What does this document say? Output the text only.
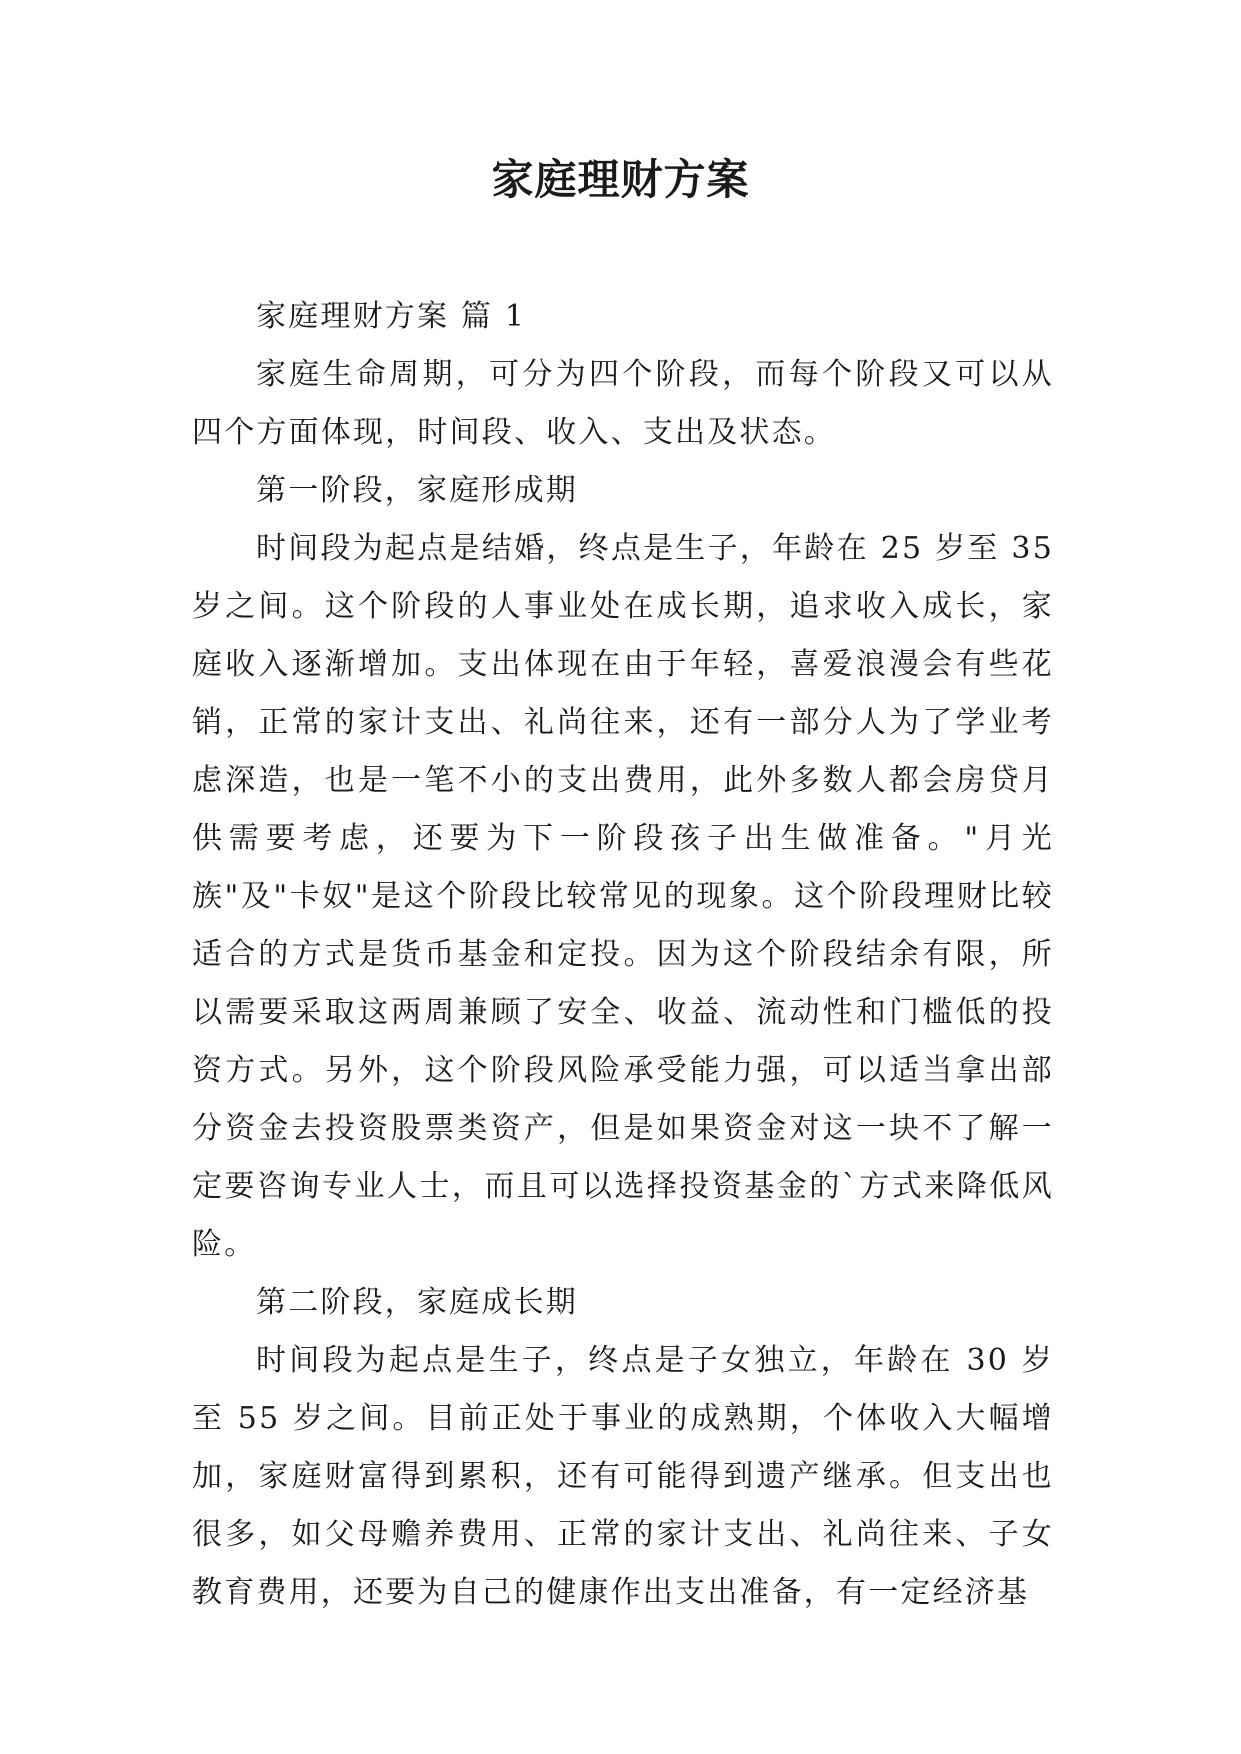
家庭理财方案

家庭理财方案 篇 1

家庭生命周期，可分为四个阶段，而每个阶段又可以从四个方面体现，时间段、收入、支出及状态。

第一阶段，家庭形成期

时间段为起点是结婚，终点是生子，年龄在 25 岁至 35 岁之间。这个阶段的人事业处在成长期，追求收入成长，家庭收入逐渐增加。支出体现在由于年轻，喜爱浪漫会有些花销，正常的家计支出、礼尚往来，还有一部分人为了学业考虑深造，也是一笔不小的支出费用，此外多数人都会房贷月供需要考虑，还要为下一阶段孩子出生做准备。"月光族"及"卡奴"是这个阶段比较常见的现象。这个阶段理财比较适合的方式是货币基金和定投。因为这个阶段结余有限，所以需要采取这两周兼顾了安全、收益、流动性和门槛低的投资方式。另外，这个阶段风险承受能力强，可以适当拿出部分资金去投资股票类资产，但是如果资金对这一块不了解一定要咨询专业人士，而且可以选择投资基金的`方式来降低风险。

第二阶段，家庭成长期

时间段为起点是生子，终点是子女独立，年龄在 30 岁至 55 岁之间。目前正处于事业的成熟期，个体收入大幅增加，家庭财富得到累积，还有可能得到遗产继承。但支出也很多，如父母赡养费用、正常的家计支出、礼尚往来、子女教育费用，还要为自己的健康作出支出准备，有一定经济基
